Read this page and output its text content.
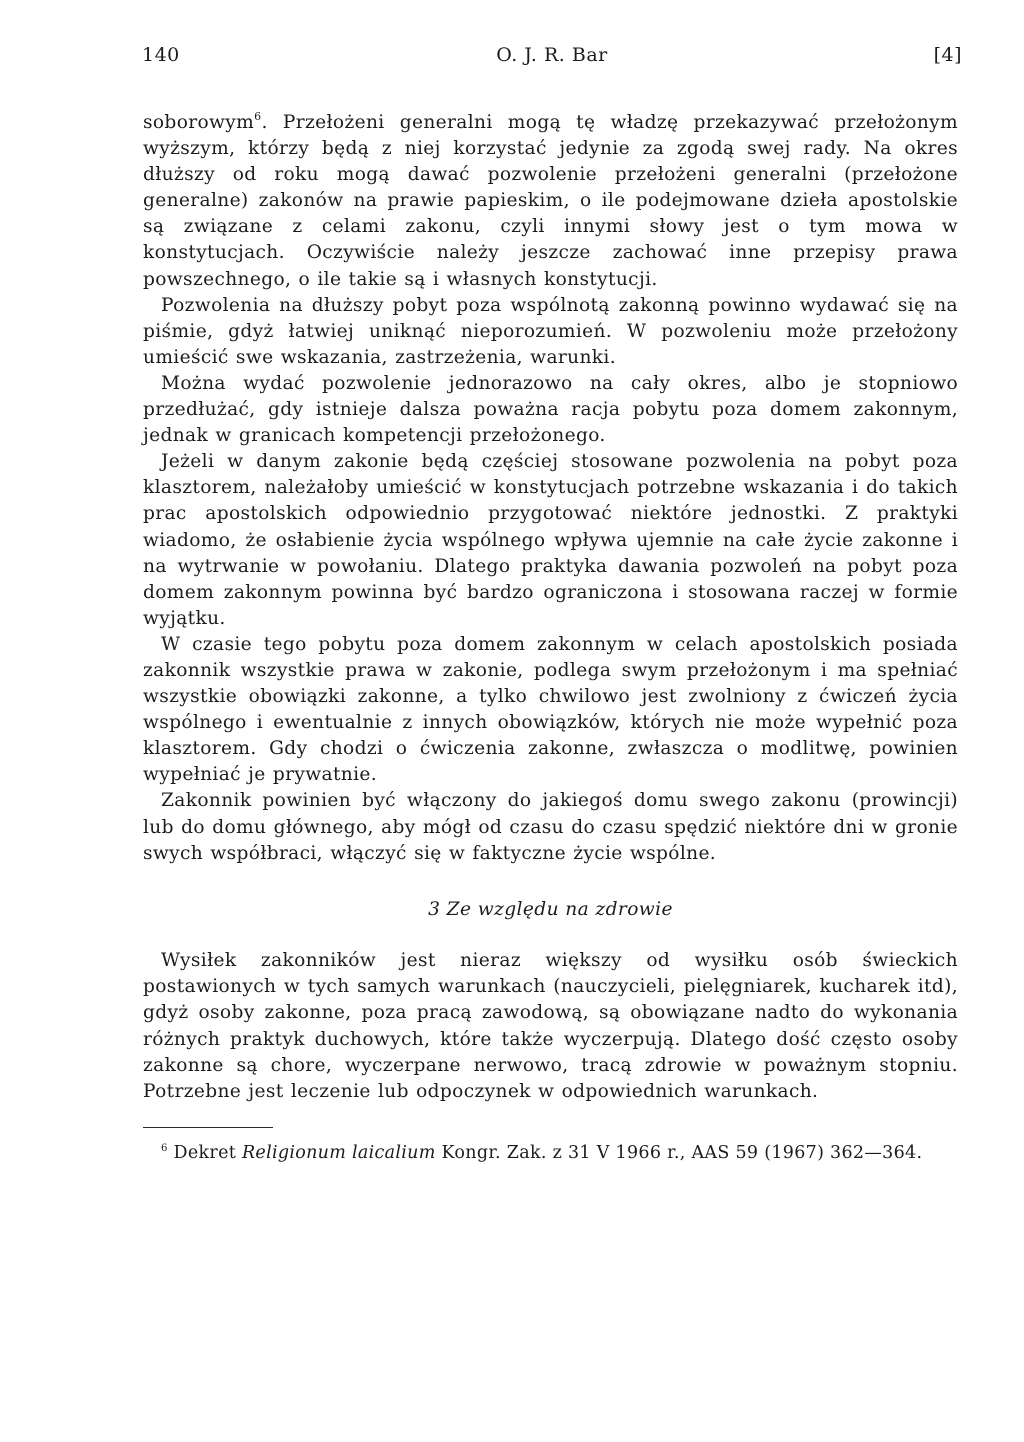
140	O. J. R. Bar	[4]

soborowym$^6$. Przełożeni generalni mogą tę władzę przekazywać przełożonym wyższym, którzy będą z niej korzystać jedynie za zgodą swej rady. Na okres dłuższy od roku mogą dawać pozwolenie przełożeni generalni (przełożone generalne) zakonów na prawie papieskim, o ile podejmowane dzieła apostolskie są związane z celami zakonu, czyli innymi słowy jest o tym mowa w konstytucjach. Oczywiście należy jeszcze zachować inne przepisy prawa powszechnego, o ile takie są i własnych konstytucji.

Pozwolenia na dłuższy pobyt poza wspólnotą zakonną powinno wydawać się na piśmie, gdyż łatwiej uniknąć nieporozumień. W pozwoleniu może przełożony umieścić swe wskazania, zastrzeżenia, warunki.

Można wydać pozwolenie jednorazowo na cały okres, albo je stopniowo przedłużać, gdy istnieje dalsza poważna racja pobytu poza domem zakonnym, jednak w granicach kompetencji przełożonego.

Jeżeli w danym zakonie będą częściej stosowane pozwolenia na pobyt poza klasztorem, należałoby umieścić w konstytucjach potrzebne wskazania i do takich prac apostolskich odpowiednio przygotować niektóre jednostki. Z praktyki wiadomo, że osłabienie życia wspólnego wpływa ujemnie na całe życie zakonne i na wytrwanie w powołaniu. Dlatego praktyka dawania pozwoleń na pobyt poza domem zakonnym powinna być bardzo ograniczona i stosowana raczej w formie wyjątku.

W czasie tego pobytu poza domem zakonnym w celach apostolskich posiada zakonnik wszystkie prawa w zakonie, podlega swym przełożonym i ma spełniać wszystkie obowiązki zakonne, a tylko chwilowo jest zwolniony z ćwiczeń życia wspólnego i ewentualnie z innych obowiązków, których nie może wypełnić poza klasztorem. Gdy chodzi o ćwiczenia zakonne, zwłaszcza o modlitwę, powinien wypełniać je prywatnie.

Zakonnik powinien być włączony do jakiegoś domu swego zakonu (prowincji) lub do domu głównego, aby mógł od czasu do czasu spędzić niektóre dni w gronie swych współbraci, włączyć się w faktyczne życie wspólne.

3 Ze względu na zdrowie

Wysiłek zakonników jest nieraz większy od wysiłku osób świeckich postawionych w tych samych warunkach (nauczycieli, pielęgniarek, kucharek itd), gdyż osoby zakonne, poza pracą zawodową, są obowiązane nadto do wykonania różnych praktyk duchowych, które także wyczerpują. Dlatego dość często osoby zakonne są chore, wyczerpane nerwowo, tracą zdrowie w poważnym stopniu. Potrzebne jest leczenie lub odpoczynek w odpowiednich warunkach.

$^6$ Dekret Religionum laicalium Kongr. Zak. z 31 V 1966 r., AAS 59 (1967) 362—364.
